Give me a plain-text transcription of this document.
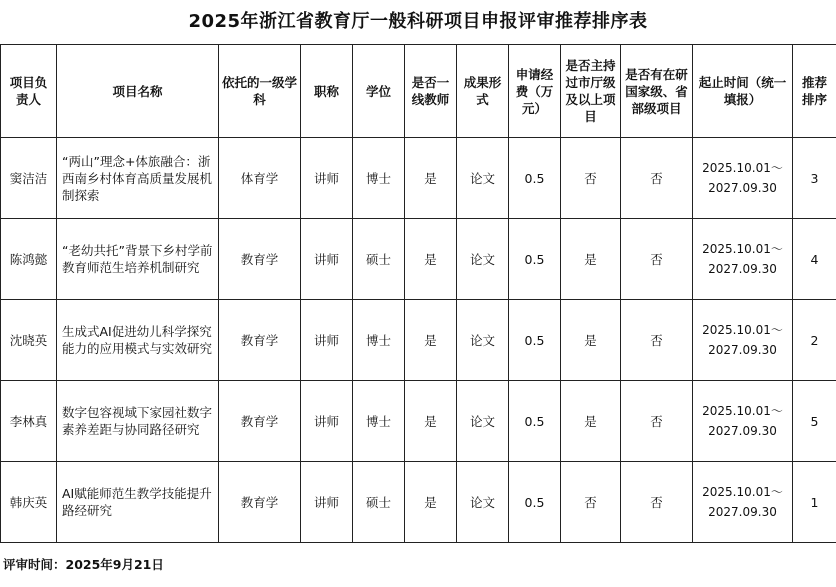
2025年浙江省教育厅一般科研项目申报评审推荐排序表
项目负责人	项目名称	依托的一级学科	职称	学位	是否一线教师	成果形式	申请经费（万元）	是否主持过市厅级及以上项目	是否有在研国家级、省部级项目	起止时间（统一填报）	推荐排序
窦洁洁	“两山”理念+体旅融合：浙西南乡村体育高质量发展机制探索	体育学	讲师	博士	是	论文	0.5	否	否	2025.10.01～2027.09.30	3
陈鸿懿	“老幼共托”背景下乡村学前教育师范生培养机制研究	教育学	讲师	硕士	是	论文	0.5	是	否	2025.10.01～2027.09.30	4
沈晓英	生成式AI促进幼儿科学探究能力的应用模式与实效研究	教育学	讲师	博士	是	论文	0.5	是	否	2025.10.01～2027.09.30	2
李林真	数字包容视域下家园社数字素养差距与协同路径研究	教育学	讲师	博士	是	论文	0.5	是	否	2025.10.01～2027.09.30	5
韩庆英	AI赋能师范生教学技能提升路经研究	教育学	讲师	硕士	是	论文	0.5	否	否	2025.10.01～2027.09.30	1
评审时间：2025年9月21日
